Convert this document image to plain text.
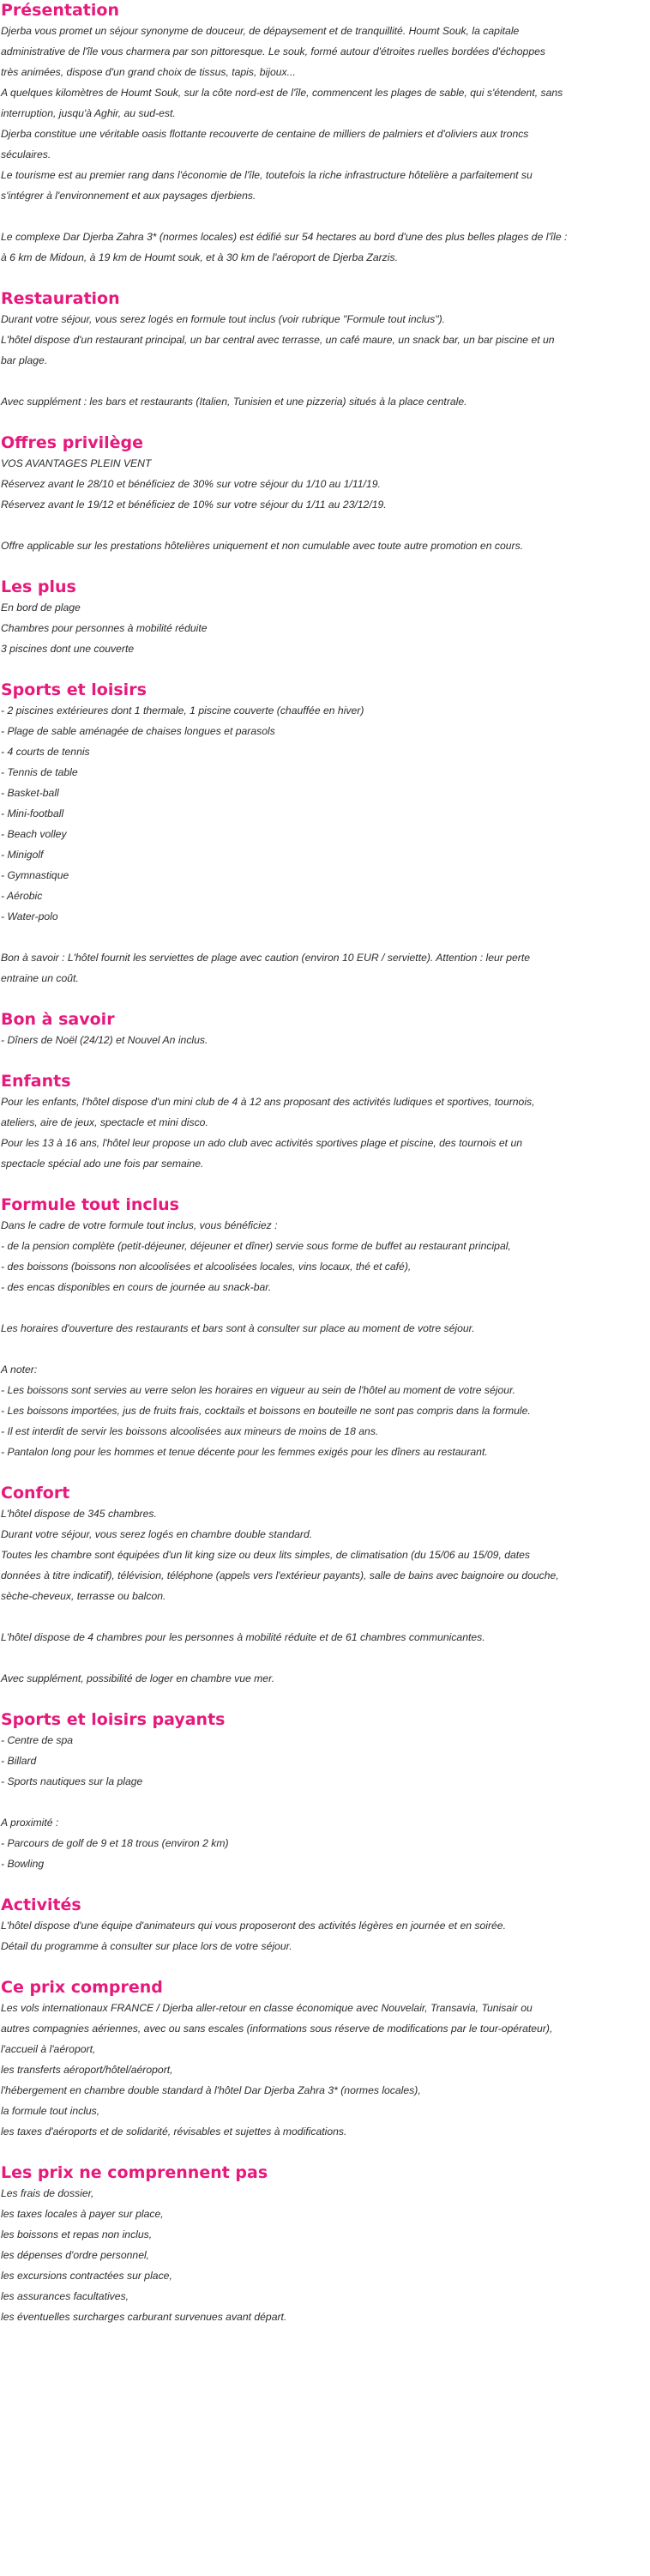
Présentation

Djerba vous promet un séjour synonyme de douceur, de dépaysement et de tranquillité. Houmt Souk, la capitale

administrative de l'île vous charmera par son pittoresque. Le souk, formé autour d'étroites ruelles bordées d'échoppes

très animées, dispose d'un grand choix de tissus, tapis, bijoux...

A quelques kilomètres de Houmt Souk, sur la côte nord-est de l'île, commencent les plages de sable, qui s'étendent, sans

interruption, jusqu'à Aghir, au sud-est.

Djerba constitue une véritable oasis flottante recouverte de centaine de milliers de palmiers et d'oliviers aux troncs

séculaires.

Le tourisme est au premier rang dans l'économie de l'île, toutefois la riche infrastructure hôtelière a parfaitement su

s'intégrer à l'environnement et aux paysages djerbiens.

Le complexe Dar Djerba Zahra 3* (normes locales) est édifié sur 54 hectares au bord d'une des plus belles plages de l'île :

à 6 km de Midoun, à 19 km de Houmt souk, et à 30 km de l'aéroport de Djerba Zarzis.

Restauration

Durant votre séjour, vous serez logés en formule tout inclus (voir rubrique "Formule tout inclus").

L'hôtel dispose d'un restaurant principal, un bar central avec terrasse, un café maure, un snack bar, un bar piscine et un

bar plage.

Avec supplément : les bars et restaurants (Italien, Tunisien et une pizzeria) situés à la place centrale.

Offres privilège

VOS AVANTAGES PLEIN VENT

Réservez avant le 28/10 et bénéficiez de 30% sur votre séjour du 1/10 au 1/11/19.

Réservez avant le 19/12 et bénéficiez de 10% sur votre séjour du 1/11 au 23/12/19.

Offre applicable sur les prestations hôtelières uniquement et non cumulable avec toute autre promotion en cours.

Les plus

En bord de plage

Chambres pour personnes à mobilité réduite

3 piscines dont une couverte

Sports et loisirs

- 2 piscines extérieures dont 1 thermale, 1 piscine couverte (chauffée en hiver)

- Plage de sable aménagée de chaises longues et parasols

- 4 courts de tennis

- Tennis de table

- Basket-ball

- Mini-football

- Beach volley

- Minigolf

- Gymnastique

- Aérobic

- Water-polo

Bon à savoir : L'hôtel fournit les serviettes de plage avec caution (environ 10 EUR / serviette). Attention : leur perte

entraine un coût.

Bon à savoir

- Dîners de Noël (24/12) et Nouvel An inclus.

Enfants

Pour les enfants, l'hôtel dispose d'un mini club de 4 à 12 ans proposant des activités ludiques et sportives, tournois,

ateliers, aire de jeux, spectacle et mini disco.

Pour les 13 à 16 ans, l'hôtel leur propose un ado club avec activités sportives plage et piscine, des tournois et un

spectacle spécial ado une fois par semaine.

Formule tout inclus

Dans le cadre de votre formule tout inclus, vous bénéficiez :

- de la pension complète (petit-déjeuner, déjeuner et dîner) servie sous forme de buffet au restaurant principal,

- des boissons (boissons non alcoolisées et alcoolisées locales, vins locaux, thé et café),

- des encas disponibles en cours de journée au snack-bar.

Les horaires d'ouverture des restaurants et bars sont à consulter sur place au moment de votre séjour.

A noter:

- Les boissons sont servies au verre selon les horaires en vigueur au sein de l'hôtel au moment de votre séjour.

- Les boissons importées, jus de fruits frais, cocktails et boissons en bouteille ne sont pas compris dans la formule.

- Il est interdit de servir les boissons alcoolisées aux mineurs de moins de 18 ans.

- Pantalon long pour les hommes et tenue décente pour les femmes exigés pour les dîners au restaurant.

Confort

L'hôtel dispose de 345 chambres.

Durant votre séjour, vous serez logés en chambre double standard.

Toutes les chambre sont équipées d'un lit king size ou deux lits simples, de climatisation (du 15/06 au 15/09, dates

données à titre indicatif), télévision, téléphone (appels vers l'extérieur payants), salle de bains avec baignoire ou douche,

sèche-cheveux, terrasse ou balcon.

L'hôtel dispose de 4 chambres pour les personnes à mobilité réduite et de 61 chambres communicantes.

Avec supplément, possibilité de loger en chambre vue mer.

Sports et loisirs payants

- Centre de spa

- Billard

- Sports nautiques sur la plage

A proximité :

- Parcours de golf de 9 et 18 trous (environ 2 km)

- Bowling

Activités

L'hôtel dispose d'une équipe d'animateurs qui vous proposeront des activités légères en journée et en soirée.

Détail du programme à consulter sur place lors de votre séjour.

Ce prix comprend

Les vols internationaux FRANCE / Djerba aller-retour en classe économique avec Nouvelair, Transavia, Tunisair ou

autres compagnies aériennes, avec ou sans escales (informations sous réserve de modifications par le tour-opérateur),

l'accueil à l'aéroport,

les transferts aéroport/hôtel/aéroport,

l'hébergement en chambre double standard à l'hôtel Dar Djerba Zahra 3* (normes locales),

la formule tout inclus,

les taxes d'aéroports et de solidarité, révisables et sujettes à modifications.

Les prix ne comprennent pas

Les frais de dossier,

les taxes locales à payer sur place,

les boissons et repas non inclus,

les dépenses d'ordre personnel,

les excursions contractées sur place,

les assurances facultatives,

les éventuelles surcharges carburant survenues avant départ.
